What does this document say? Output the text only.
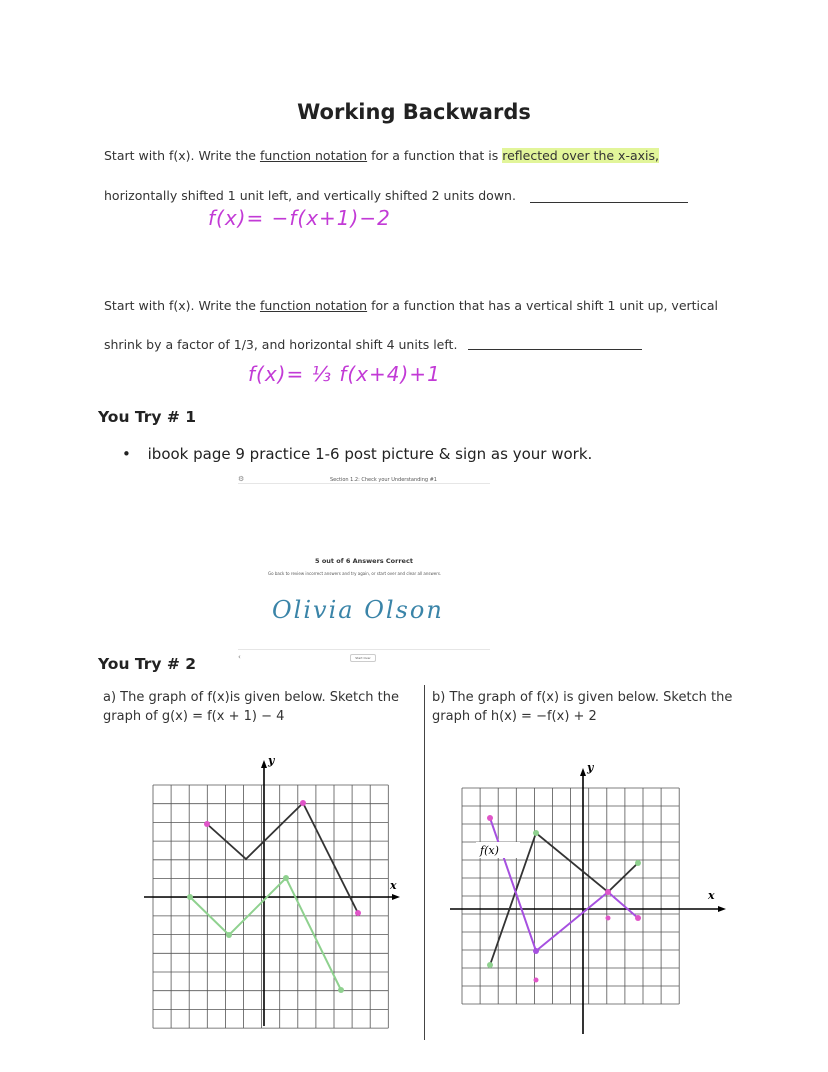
Working Backwards
Start with f(x). Write the function notation for a function that is reflected over the x-axis,
horizontally shifted 1 unit left, and vertically shifted 2 units down.
f(x)= −f(x+1)−2
Start with f(x). Write the function notation for a function that has a vertical shift 1 unit up, vertical
shrink by a factor of 1/3, and horizontal shift 4 units left.
f(x)= ⅓ f(x+4)+1
You Try # 1
• ibook page 9 practice 1-6 post picture & sign as your work.
⚙	Section 1.2: Check your Understanding #1
5 out of 6 Answers Correct
Go back to review incorrect answers and try again, or start over and clear all answers.
Olivia Olson
‹	Start Over
You Try # 2
a) The graph of f(x)is given below. Sketch the
graph of g(x) = f(x + 1) − 4
b) The graph of f(x) is given below. Sketch the
graph of h(x) = −f(x) + 2
y
x
y
x
f(x)
